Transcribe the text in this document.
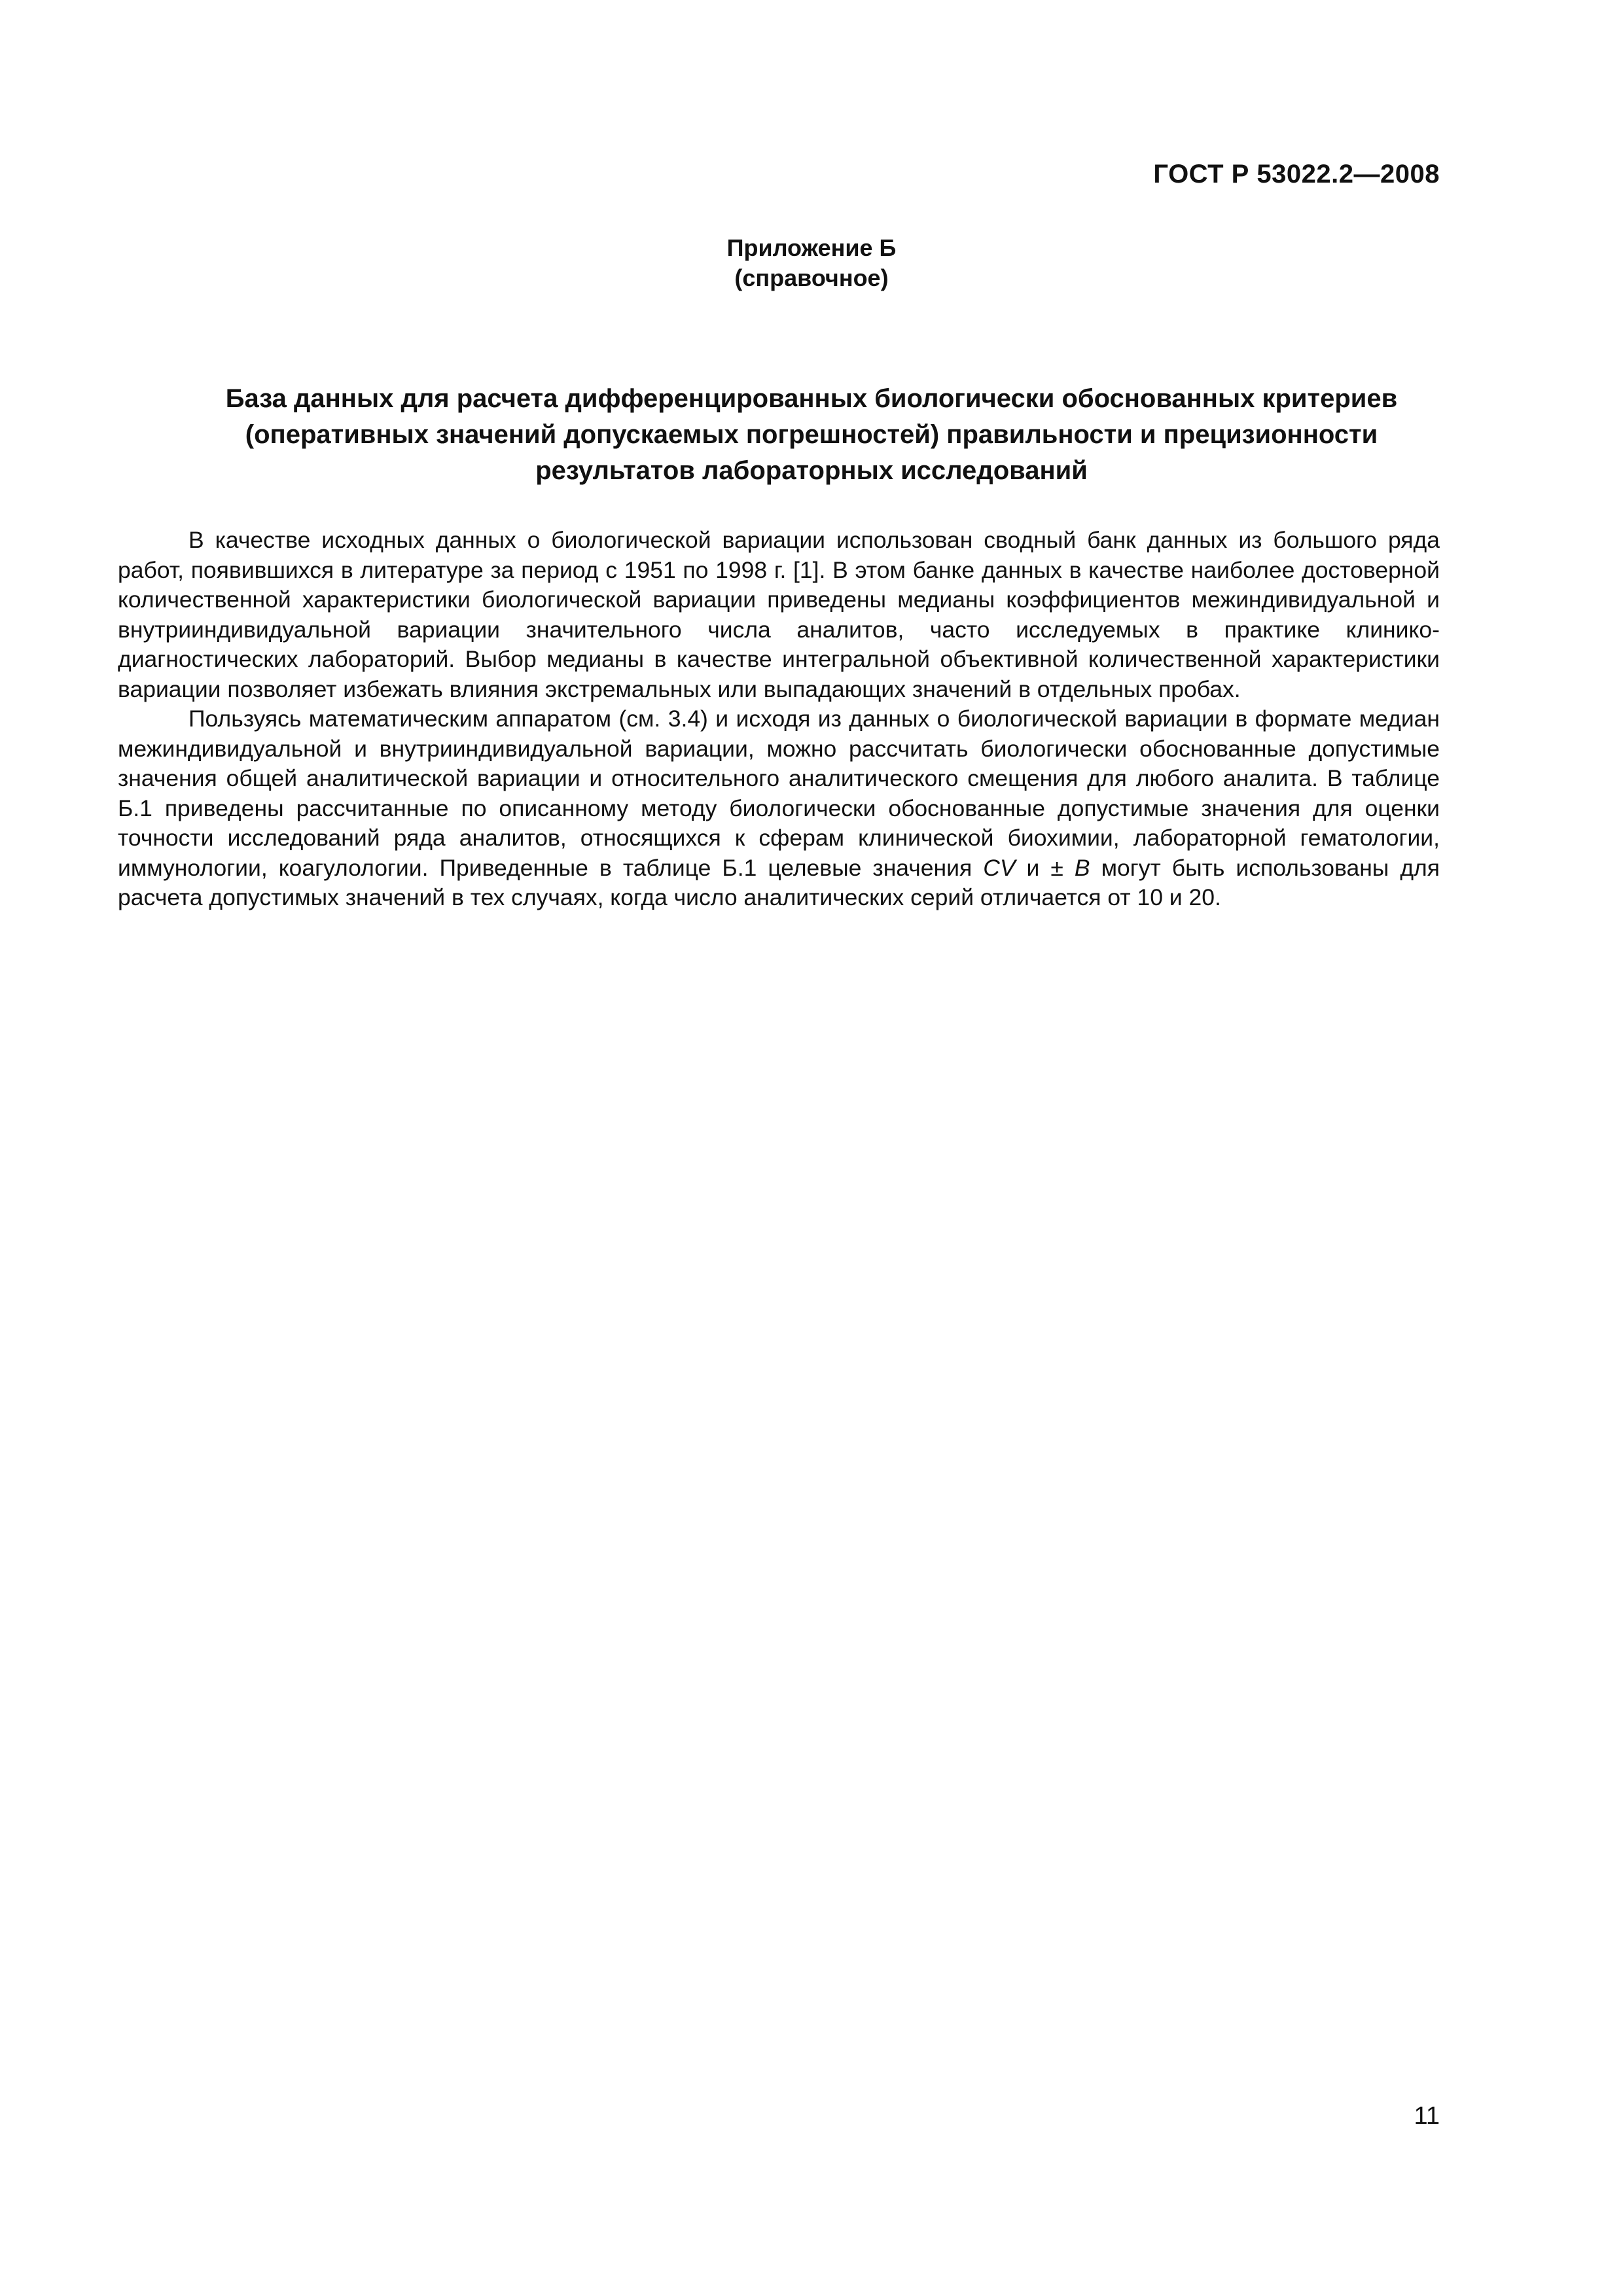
ГОСТ Р 53022.2—2008
Приложение Б
(справочное)
База данных для расчета дифференцированных биологически обоснованных критериев
(оперативных значений допускаемых погрешностей) правильности и прецизионности
результатов лабораторных исследований

В качестве исходных данных о биологической вариации использован сводный банк данных из большого ряда работ, появившихся в литературе за период с 1951 по 1998 г. [1]. В этом банке данных в качестве наиболее достоверной количественной характеристики биологической вариации приведены медианы коэффициентов межиндивидуальной и внутрииндивидуальной вариации значительного числа аналитов, часто исследуемых в практике клинико-диагностических лабораторий. Выбор медианы в качестве интегральной объективной количественной характеристики вариации позволяет избежать влияния экстремальных или выпадающих значений в отдельных пробах.

Пользуясь математическим аппаратом (см. 3.4) и исходя из данных о биологической вариации в формате медиан межиндивидуальной и внутрииндивидуальной вариации, можно рассчитать биологически обоснованные допустимые значения общей аналитической вариации и относительного аналитического смещения для любого аналита. В таблице Б.1 приведены рассчитанные по описанному методу биологически обоснованные допустимые значения для оценки точности исследований ряда аналитов, относящихся к сферам клинической биохимии, лабораторной гематологии, иммунологии, коагулологии. Приведенные в таблице Б.1 целевые значения CV и ± B могут быть использованы для расчета допустимых значений в тех случаях, когда число аналитических серий отличается от 10 и 20.

11
